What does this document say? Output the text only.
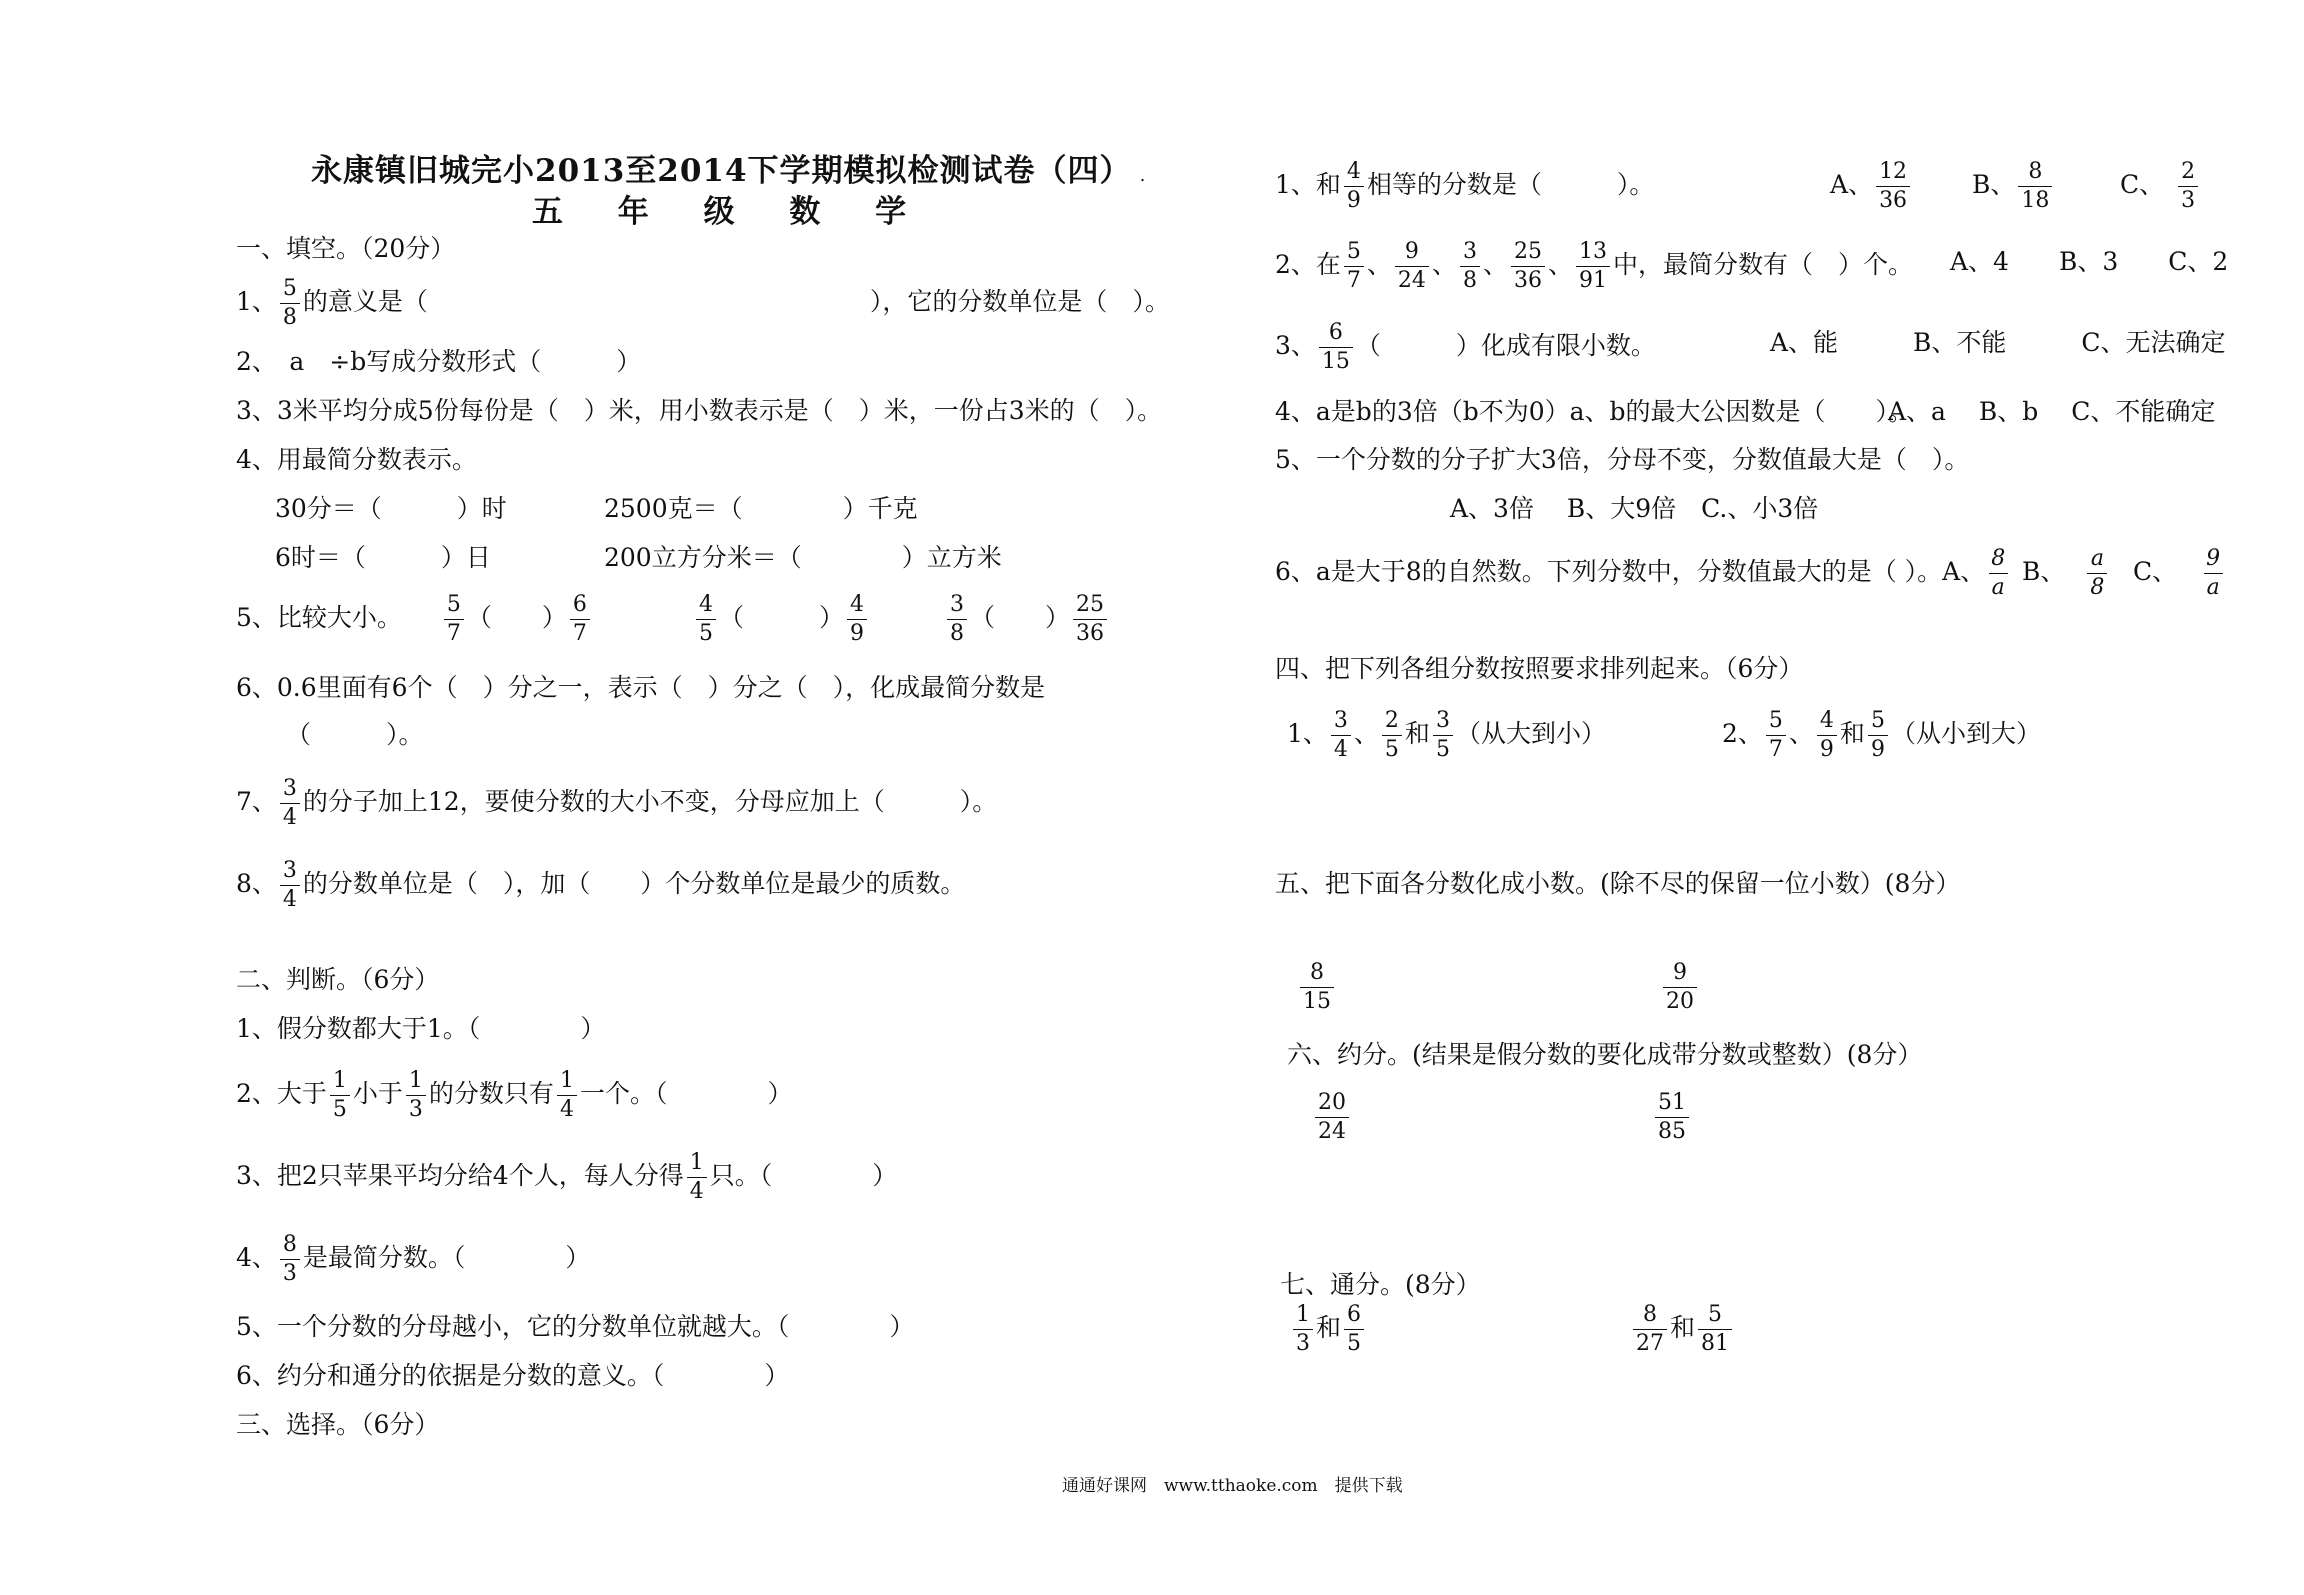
永康镇旧城完小2013至2014下学期模拟检测试卷（四） .
五 年 级 数 学
一、填空。（20分）
1、 $\frac{5}{8}$ 的意义是（	），它的分数单位是（　）。
2、　a　÷b写成分数形式（　　　）
3、3米平均分成5份每份是（　）米，用小数表示是（　）米，一份占3米的（　）。
4、用最简分数表示。
30分＝（　　　）时	2500克＝（　　　　）千克
6时＝（　　　）日	200立方分米＝（　　　　）立方米
5、比较大小。 $\frac{5}{7}$ （　　） $\frac{6}{7}$	$\frac{4}{5}$ （　　　） $\frac{4}{9}$	$\frac{3}{8}$ （　　） $\frac{25}{36}$
6、0.6里面有6个（　）分之一，表示（　）分之（　），化成最简分数是
（　　　）。
7、 $\frac{3}{4}$ 的分子加上12，要使分数的大小不变，分母应加上（　　　）。
8、 $\frac{3}{4}$ 的分数单位是（　），加（　　）个分数单位是最少的质数。
二、判断。（6分）
1、假分数都大于1。（　　　　）
2、大于 $\frac{1}{5}$ 小于 $\frac{1}{3}$ 的分数只有 $\frac{1}{4}$ 一个。（　　　　）
3、把2只苹果平均分给4个人，每人分得 $\frac{1}{4}$ 只。（　　　　）
4、 $\frac{8}{3}$ 是最简分数。（　　　　）
5、一个分数的分母越小，它的分数单位就越大。（　　　　）
6、约分和通分的依据是分数的意义。（　　　　）
三、选择。（6分）
1、和 $\frac{4}{9}$ 相等的分数是（　　　）。	A、 $\frac{12}{36}$ B、 $\frac{8}{18}$	C、 $\frac{2}{3}$
2、在 $\frac{5}{7}$ 、 $\frac{9}{24}$ 、 $\frac{3}{8}$ 、 $\frac{25}{36}$ 、 $\frac{13}{91}$ 中，最简分数有（　）个。 A、4　　B、3　　C、2
3、 $\frac{6}{15}$ （　　　）化成有限小数。	A、能　　　B、不能　　　C、无法确定
4、a是b的3倍（b不为0）a、b的最大公因数是（　　）。
A、a　 B、b　 C、不能确定
5、一个分数的分子扩大3倍，分母不变，分数值最大是（　）。
A、3倍　 B、大9倍　C.、小3倍
6、a是大于8的自然数。下列分数中，分数值最大的是（ ）。A、 $\frac{8}{a}$ B、 $\frac{a}{8}$ C、 $\frac{9}{a}$
四、把下列各组分数按照要求排列起来。（6分）
1、 $\frac{3}{4}$ 、 $\frac{2}{5}$ 和 $\frac{3}{5}$ （从大到小）	2、 $\frac{5}{7}$ 、 $\frac{4}{9}$ 和 $\frac{5}{9}$ （从小到大）
五、把下面各分数化成小数。(除不尽的保留一位小数）(8分）
$\frac{8}{15}$	$\frac{9}{20}$
六、约分。(结果是假分数的要化成带分数或整数）(8分）
$\frac{20}{24}$	$\frac{51}{85}$
七、通分。(8分）
$\frac{1}{3}$ 和 $\frac{6}{5}$	$\frac{8}{27}$ 和 $\frac{5}{81}$
通通好课网　www.tthaoke.com　提供下载
